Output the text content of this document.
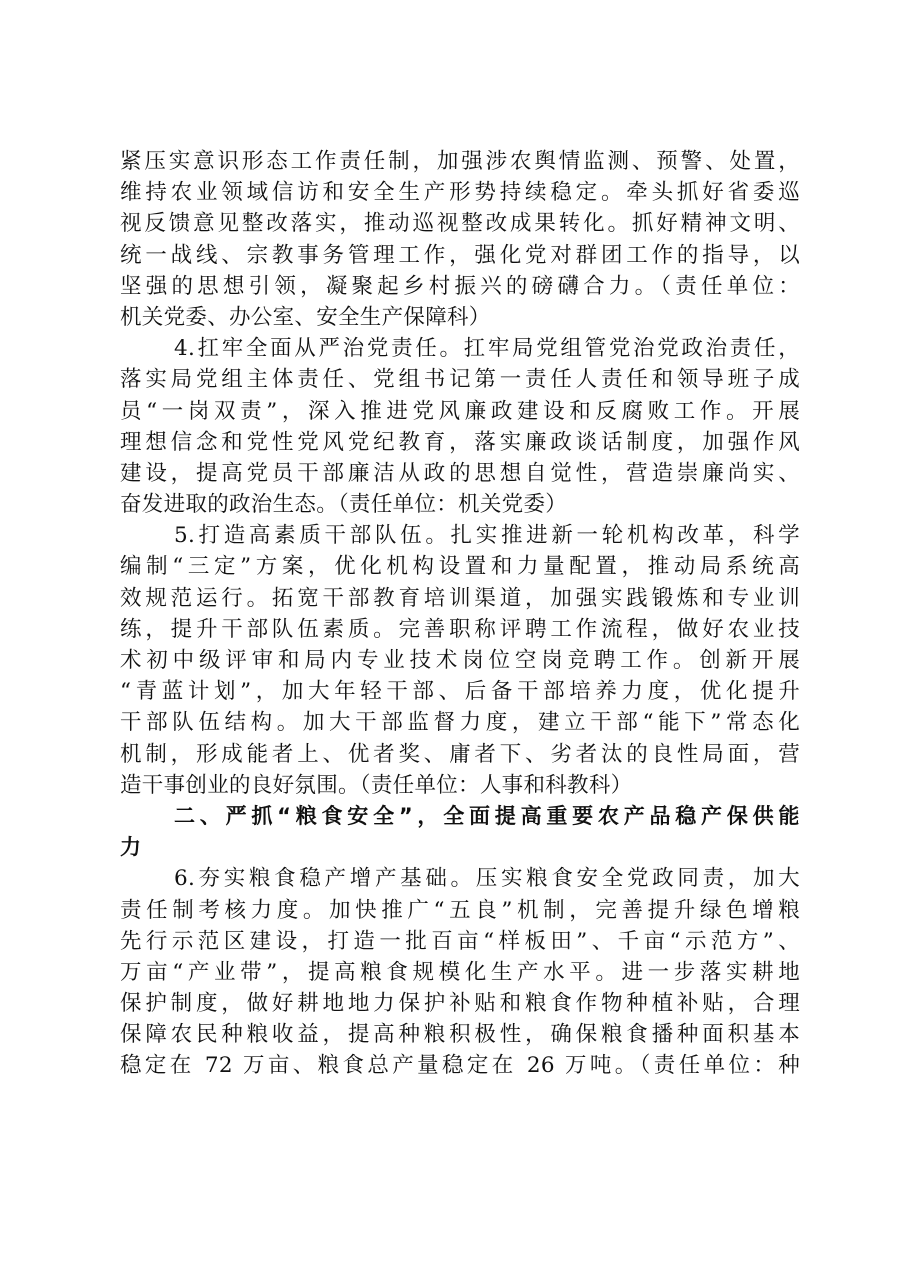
紧压实意识形态工作责任制，加强涉农舆情监测、预警、处置，
维持农业领域信访和安全生产形势持续稳定。牵头抓好省委巡
视反馈意见整改落实，推动巡视整改成果转化。抓好精神文明、
统一战线、宗教事务管理工作，强化党对群团工作的指导，以
坚强的思想引领，凝聚起乡村振兴的磅礴合力。（责任单位：
机关党委、办公室、安全生产保障科）
4.扛牢全面从严治党责任。扛牢局党组管党治党政治责任，
落实局党组主体责任、党组书记第一责任人责任和领导班子成
员“一岗双责”，深入推进党风廉政建设和反腐败工作。开展
理想信念和党性党风党纪教育，落实廉政谈话制度，加强作风
建设，提高党员干部廉洁从政的思想自觉性，营造崇廉尚实、
奋发进取的政治生态。（责任单位：机关党委）
5.打造高素质干部队伍。扎实推进新一轮机构改革，科学
编制“三定”方案，优化机构设置和力量配置，推动局系统高
效规范运行。拓宽干部教育培训渠道，加强实践锻炼和专业训
练，提升干部队伍素质。完善职称评聘工作流程，做好农业技
术初中级评审和局内专业技术岗位空岗竞聘工作。创新开展
“青蓝计划”，加大年轻干部、后备干部培养力度，优化提升
干部队伍结构。加大干部监督力度，建立干部“能下”常态化
机制，形成能者上、优者奖、庸者下、劣者汰的良性局面，营
造干事创业的良好氛围。（责任单位：人事和科教科）
二、严抓“粮食安全”，全面提高重要农产品稳产保供能
力
6.夯实粮食稳产增产基础。压实粮食安全党政同责，加大
责任制考核力度。加快推广“五良”机制，完善提升绿色增粮
先行示范区建设，打造一批百亩“样板田”、千亩“示范方”、
万亩“产业带”，提高粮食规模化生产水平。进一步落实耕地
保护制度，做好耕地地力保护补贴和粮食作物种植补贴，合理
保障农民种粮收益，提高种粮积极性，确保粮食播种面积基本
稳定在 72 万亩、粮食总产量稳定在 26 万吨。（责任单位：种
